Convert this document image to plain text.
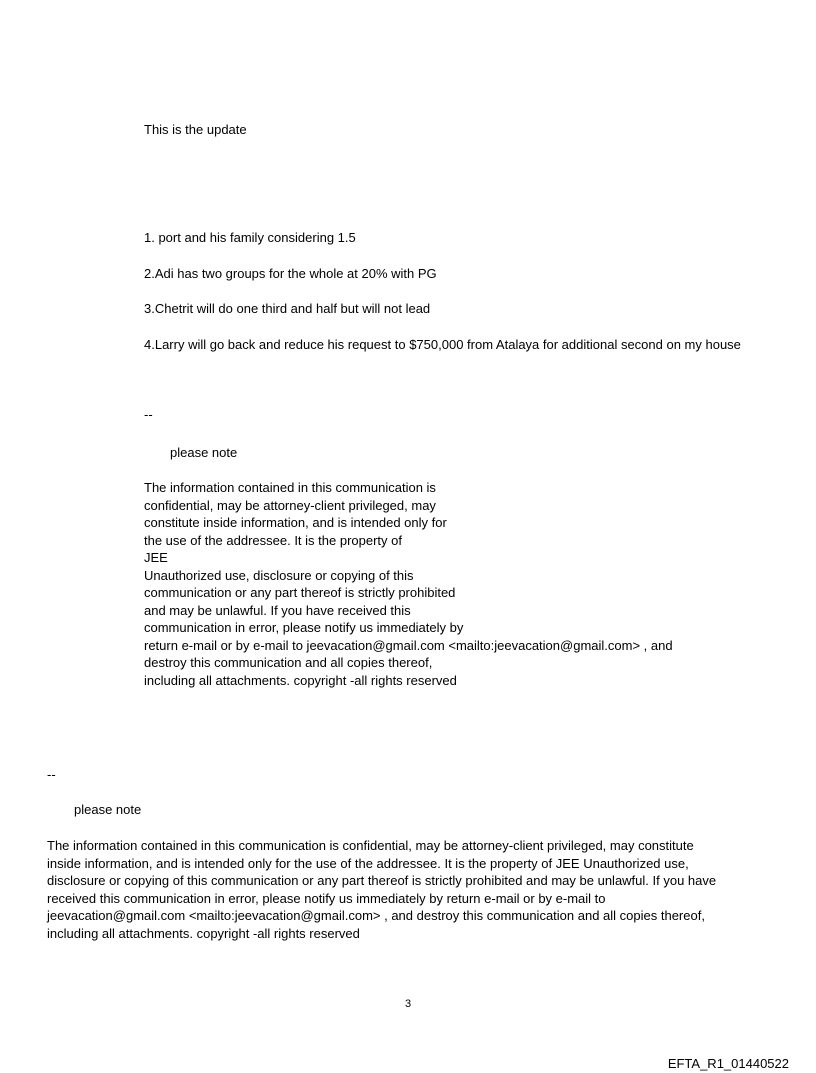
This is the update
1. port and his family considering 1.5
2.Adi has two groups for the whole at 20% with PG
3.Chetrit will do one third and half but will not lead
4.Larry will go back and reduce his request to $750,000 from Atalaya for additional second on my house
--
please note
The information contained in this communication is
confidential, may be attorney-client privileged, may
constitute inside information, and is intended only for
the use of the addressee. It is the property of
JEE
Unauthorized use, disclosure or copying of this
communication or any part thereof is strictly prohibited
and may be unlawful. If you have received this
communication in error, please notify us immediately by
return e-mail or by e-mail to jeevacation@gmail.com <mailto:jeevacation@gmail.com> , and
destroy this communication and all copies thereof,
including all attachments. copyright -all rights reserved
--
please note
The information contained in this communication is confidential, may be attorney-client privileged, may constitute
inside information, and is intended only for the use of the addressee. It is the property of JEE Unauthorized use,
disclosure or copying of this communication or any part thereof is strictly prohibited and may be unlawful. If you have
received this communication in error, please notify us immediately by return e-mail or by e-mail to
jeevacation@gmail.com <mailto:jeevacation@gmail.com> , and destroy this communication and all copies thereof,
including all attachments. copyright -all rights reserved
3
EFTA_R1_01440522
